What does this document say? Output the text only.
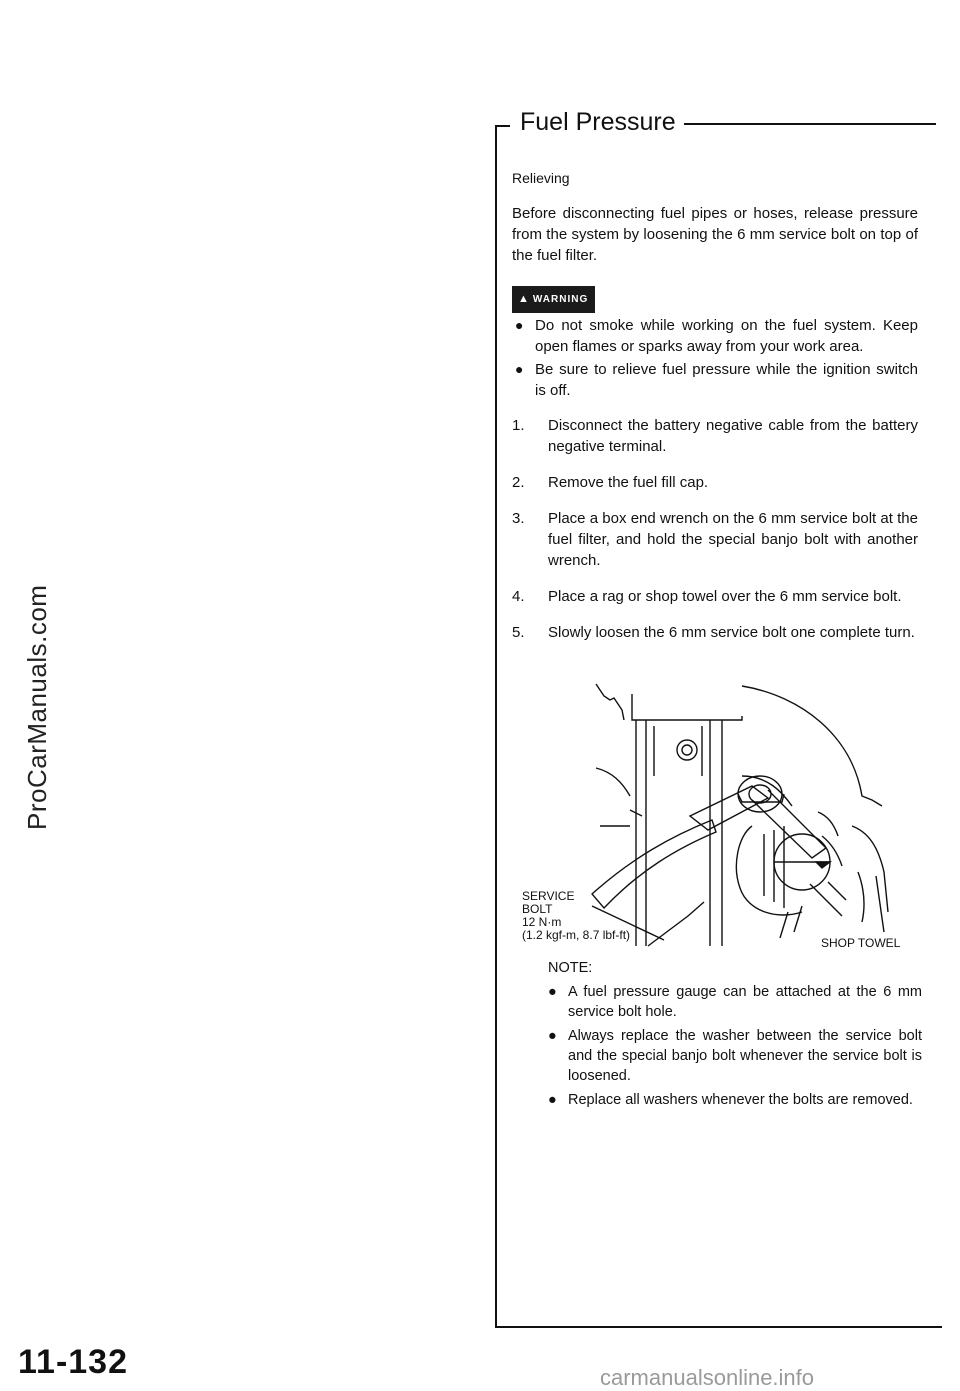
ProCarManuals.com
Fuel Pressure

Relieving

Before disconnecting fuel pipes or hoses, release pressure from the system by loosening the 6 mm service bolt on top of the fuel filter.

▲ WARNING
● Do not smoke while working on the fuel system. Keep open flames or sparks away from your work area.
● Be sure to relieve fuel pressure while the ignition switch is off.
1. Disconnect the battery negative cable from the battery negative terminal.
2. Remove the fuel fill cap.
3. Place a box end wrench on the 6 mm service bolt at the fuel filter, and hold the special banjo bolt with another wrench.
4. Place a rag or shop towel over the 6 mm service bolt.
5. Slowly loosen the 6 mm service bolt one complete turn.
SERVICE
BOLT
12 N·m
(1.2 kgf-m, 8.7 lbf-ft)
SHOP TOWEL

NOTE:

● A fuel pressure gauge can be attached at the 6 mm service bolt hole.
● Always replace the washer between the service bolt and the special banjo bolt whenever the service bolt is loosened.
● Replace all washers whenever the bolts are removed.
11-132	carmanualsonline.info
